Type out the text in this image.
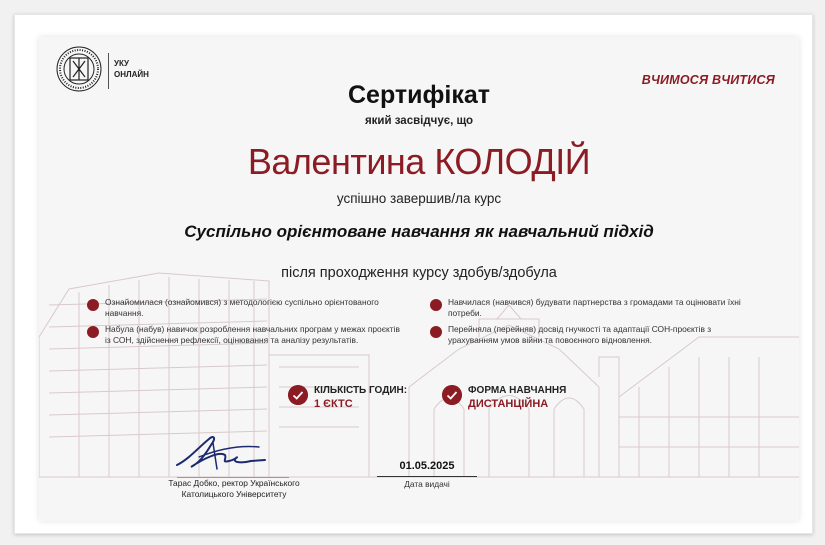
УКУ
ОНЛАЙН	ВЧИМОСЯ ВЧИТИСЯ
Сертифікат
який засвідчує, що
Валентина КОЛОДІЙ
успішно завершив/ла курс
Суспільно орієнтоване навчання як навчальний підхід
після проходження курсу здобув/здобула
Ознайомилася (ознайомився) з методологією суспільно орієнтованого навчання.
Навчилася (навчився) будувати партнерства з громадами та оцінювати їхні потреби.
Набула (набув) навичок розроблення навчальних програм у межах проєктів із СОН, здійснення рефлексії, оцінювання та аналізу результатів.
Перейняла (перейняв) досвід гнучкості та адаптації СОН-проєктів з урахуванням умов війни та повоєнного відновлення.
КІЛЬКІСТЬ ГОДИН:
1 ЄКТС
ФОРМА НАВЧАННЯ
ДИСТАНЦІЙНА
Тарас Добко, ректор Українського
Католицького Університету
01.05.2025
Дата видачі
